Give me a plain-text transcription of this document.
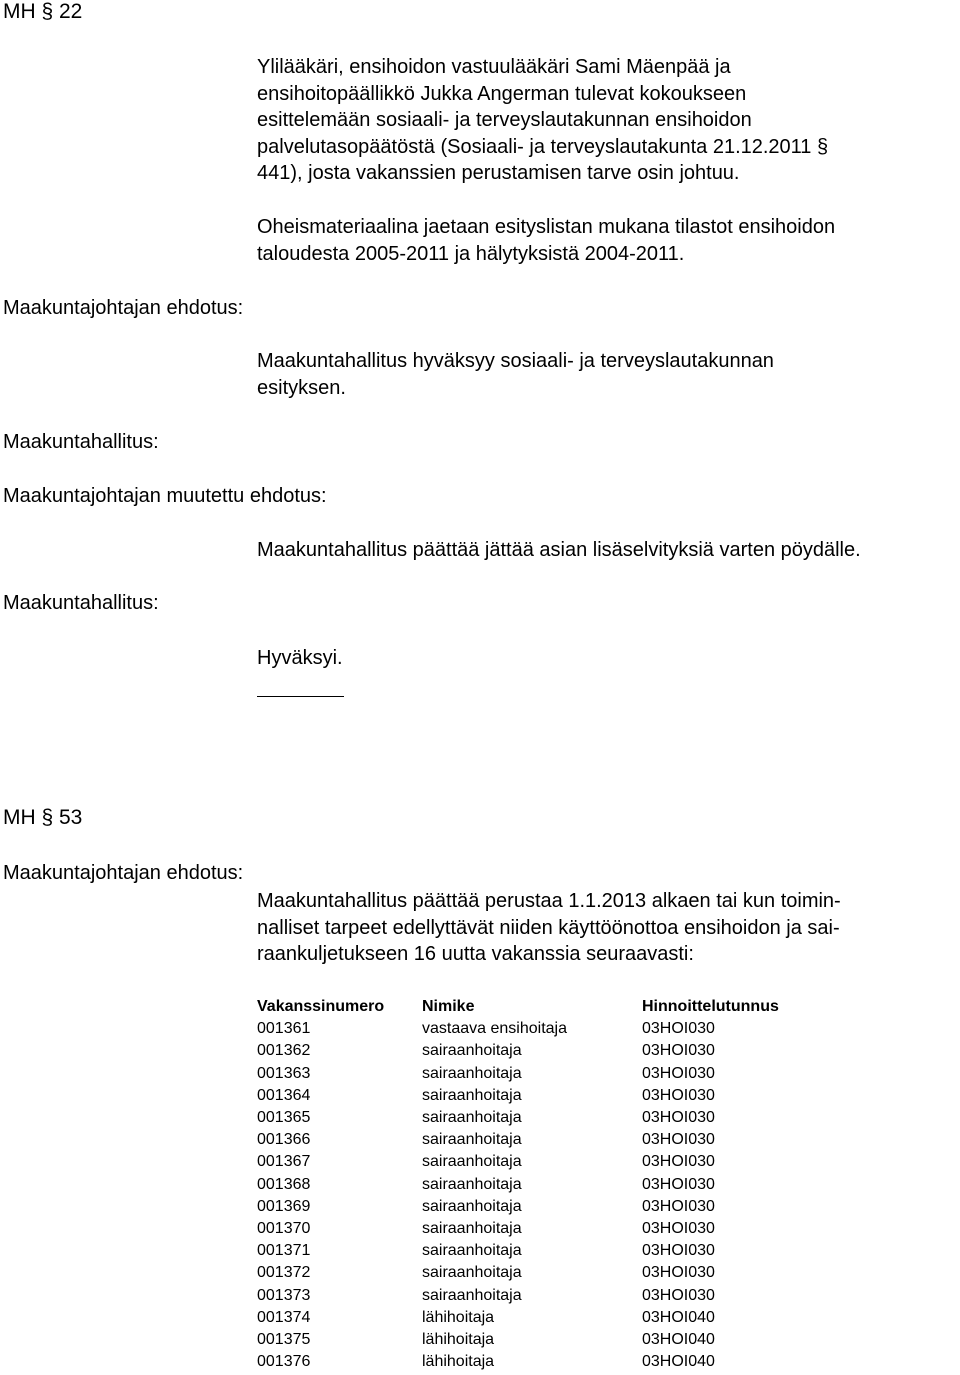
MH § 22

Ylilääkäri, ensihoidon vastuulääkäri Sami Mäenpää ja

ensihoitopäällikkö Jukka Angerman tulevat kokoukseen

esittelemään sosiaali- ja terveyslautakunnan ensihoidon

palvelutasopäätöstä (Sosiaali- ja terveyslautakunta 21.12.2011 §

441), josta vakanssien perustamisen tarve osin johtuu.

Oheismateriaalina jaetaan esityslistan mukana tilastot ensihoidon

taloudesta 2005-2011 ja hälytyksistä 2004-2011.

Maakuntajohtajan ehdotus:

Maakuntahallitus hyväksyy sosiaali- ja terveyslautakunnan

esityksen.

Maakuntahallitus:
Maakuntajohtajan muutettu ehdotus:
Maakuntahallitus päättää jättää asian lisäselvityksiä varten pöydälle.
Maakuntahallitus:
Hyväksyi.
MH § 53
Maakuntajohtajan ehdotus:

Maakuntahallitus päättää perustaa 1.1.2013 alkaen tai kun toimin-

nalliset tarpeet edellyttävät niiden käyttöönottoa ensihoidon ja sai-

raankuljetukseen 16 uutta vakanssia seuraavasti:

Vakanssinumero	Nimike	Hinnoittelutunnus
001361	vastaava ensihoitaja	03HOI030
001362	sairaanhoitaja	03HOI030
001363	sairaanhoitaja	03HOI030
001364	sairaanhoitaja	03HOI030
001365	sairaanhoitaja	03HOI030
001366	sairaanhoitaja	03HOI030
001367	sairaanhoitaja	03HOI030
001368	sairaanhoitaja	03HOI030
001369	sairaanhoitaja	03HOI030
001370	sairaanhoitaja	03HOI030
001371	sairaanhoitaja	03HOI030
001372	sairaanhoitaja	03HOI030
001373	sairaanhoitaja	03HOI030
001374	lähihoitaja	03HOI040
001375	lähihoitaja	03HOI040
001376	lähihoitaja	03HOI040
